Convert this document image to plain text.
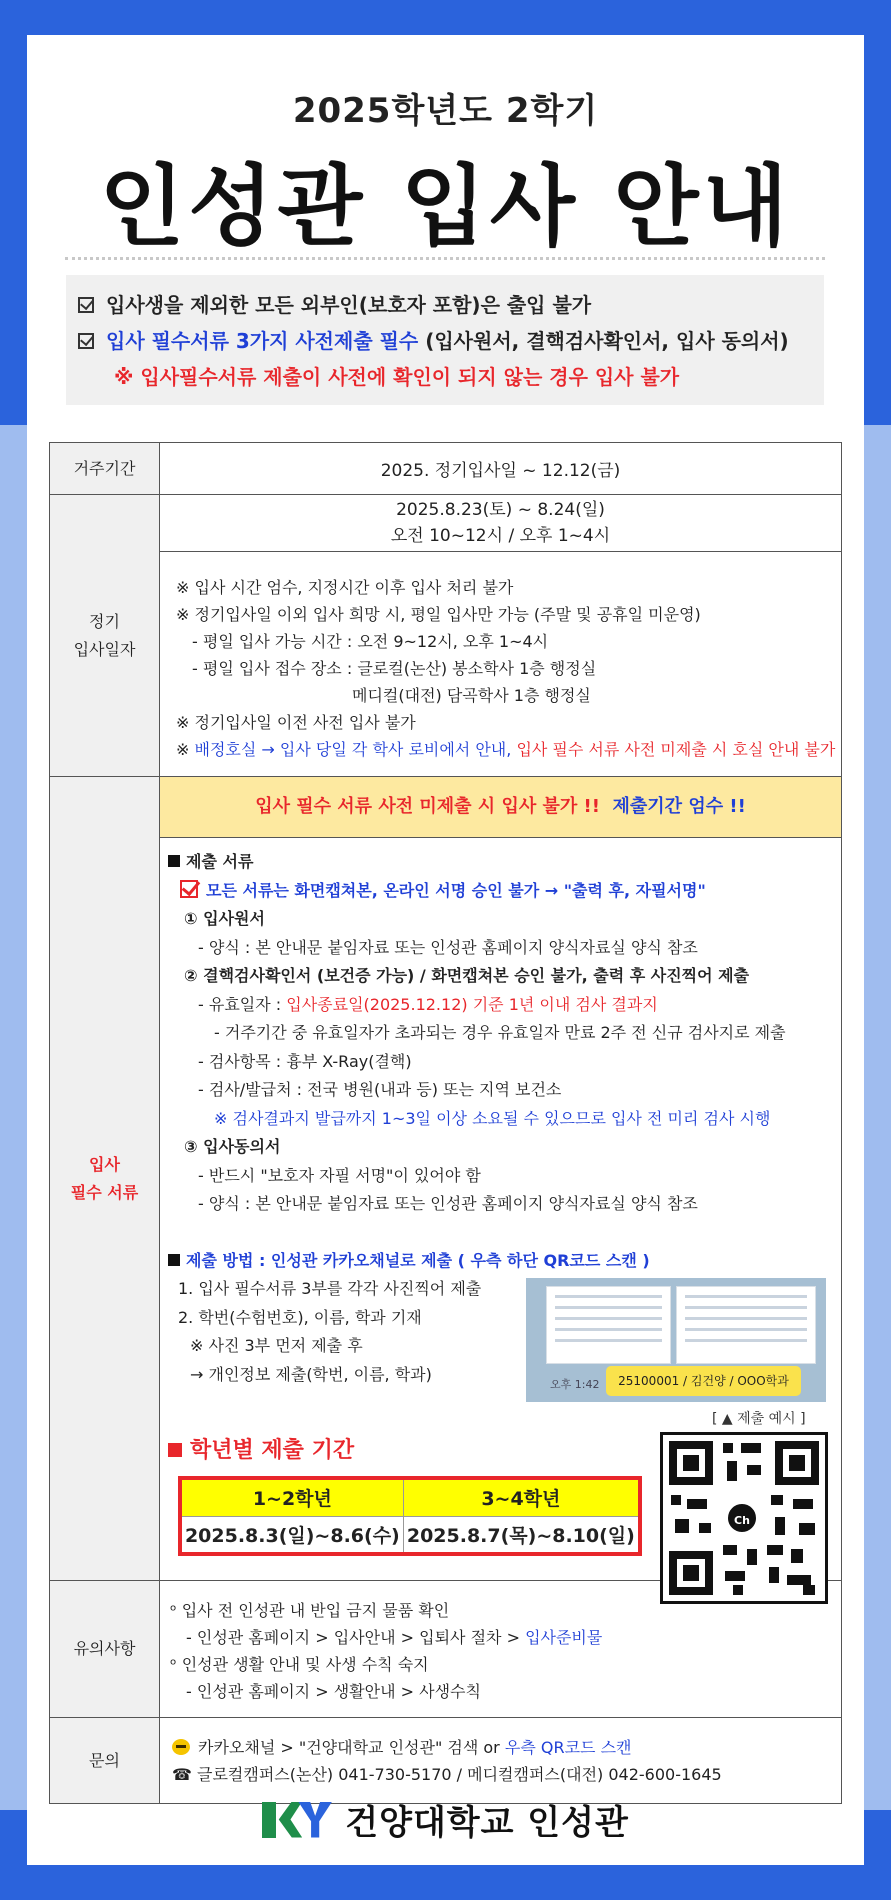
2025학년도 2학기
인성관 입사 안내
입사생을 제외한 모든 외부인(보호자 포함)은 출입 불가
입사 필수서류 3가지 사전제출 필수 (입사원서, 결핵검사확인서, 입사 동의서)
※ 입사필수서류 제출이 사전에 확인이 되지 않는 경우 입사 불가
거주기간	2025. 정기입사일 ~ 12.12(금)

정기
입사일자

2025.8.23(토) ~ 8.24(일)
오전 10~12시 / 오후 1~4시

※ 입사 시간 엄수, 지정시간 이후 입사 처리 불가
※ 정기입사일 이외 입사 희망 시, 평일 입사만 가능 (주말 및 공휴일 미운영)
- 평일 입사 가능 시간 : 오전 9~12시, 오후 1~4시
- 평일 입사 접수 장소 : 글로컬(논산) 봉소학사 1층 행정실
메디컬(대전) 담곡학사 1층 행정실
※ 정기입사일 이전 사전 입사 불가
※ 배정호실 → 입사 당일 각 학사 로비에서 안내, 입사 필수 서류 사전 미제출 시 호실 안내 불가

입사
필수 서류
	입사 필수 서류 사전 미제출 시 입사 불가 !! 제출기간 엄수 !!

제출 서류
모든 서류는 화면캡쳐본, 온라인 서명 승인 불가 → "출력 후, 자필서명"
① 입사원서
- 양식 : 본 안내문 붙임자료 또는 인성관 홈페이지 양식자료실 양식 참조
② 결핵검사확인서 (보건증 가능) / 화면캡쳐본 승인 불가, 출력 후 사진찍어 제출
- 유효일자 : 입사종료일(2025.12.12) 기준 1년 이내 검사 결과지
- 거주기간 중 유효일자가 초과되는 경우 유효일자 만료 2주 전 신규 검사지로 제출
- 검사항목 : 흉부 X-Ray(결핵)
- 검사/발급처 : 전국 병원(내과 등) 또는 지역 보건소
※ 검사결과지 발급까지 1~3일 이상 소요될 수 있으므로 입사 전 미리 검사 시행
③ 입사동의서
- 반드시 "보호자 자필 서명"이 있어야 함
- 양식 : 본 안내문 붙임자료 또는 인성관 홈페이지 양식자료실 양식 참조
제출 방법 : 인성관 카카오채널로 제출 ( 우측 하단 QR코드 스캔 )
1. 입사 필수서류 3부를 각각 사진찍어 제출
2. 학번(수험번호), 이름, 학과 기재
※ 사진 3부 먼저 제출 후
→ 개인정보 제출(학번, 이름, 학과)
오후 1:42	25100001 / 김건양 / OOO학과
[ ▲ 제출 예시 ]
학년별 제출 기간
1~2학년	3~4학년
2025.8.3(일)~8.6(수)	2025.8.7(목)~8.10(일)

유의사항	
ᵒ 입사 전 인성관 내 반입 금지 물품 확인
- 인성관 홈페이지 > 입사안내 > 입퇴사 절차 > 입사준비물
ᵒ 인성관 생활 안내 및 사생 수칙 숙지
- 인성관 홈페이지 > 생활안내 > 사생수칙

문의	
카카오채널 > "건양대학교 인성관" 검색 or 우측 QR코드 스캔
☎ 글로컬캠퍼스(논산) 041-730-5170 / 메디컬캠퍼스(대전) 042-600-1645
Ch
건양대학교 인성관
